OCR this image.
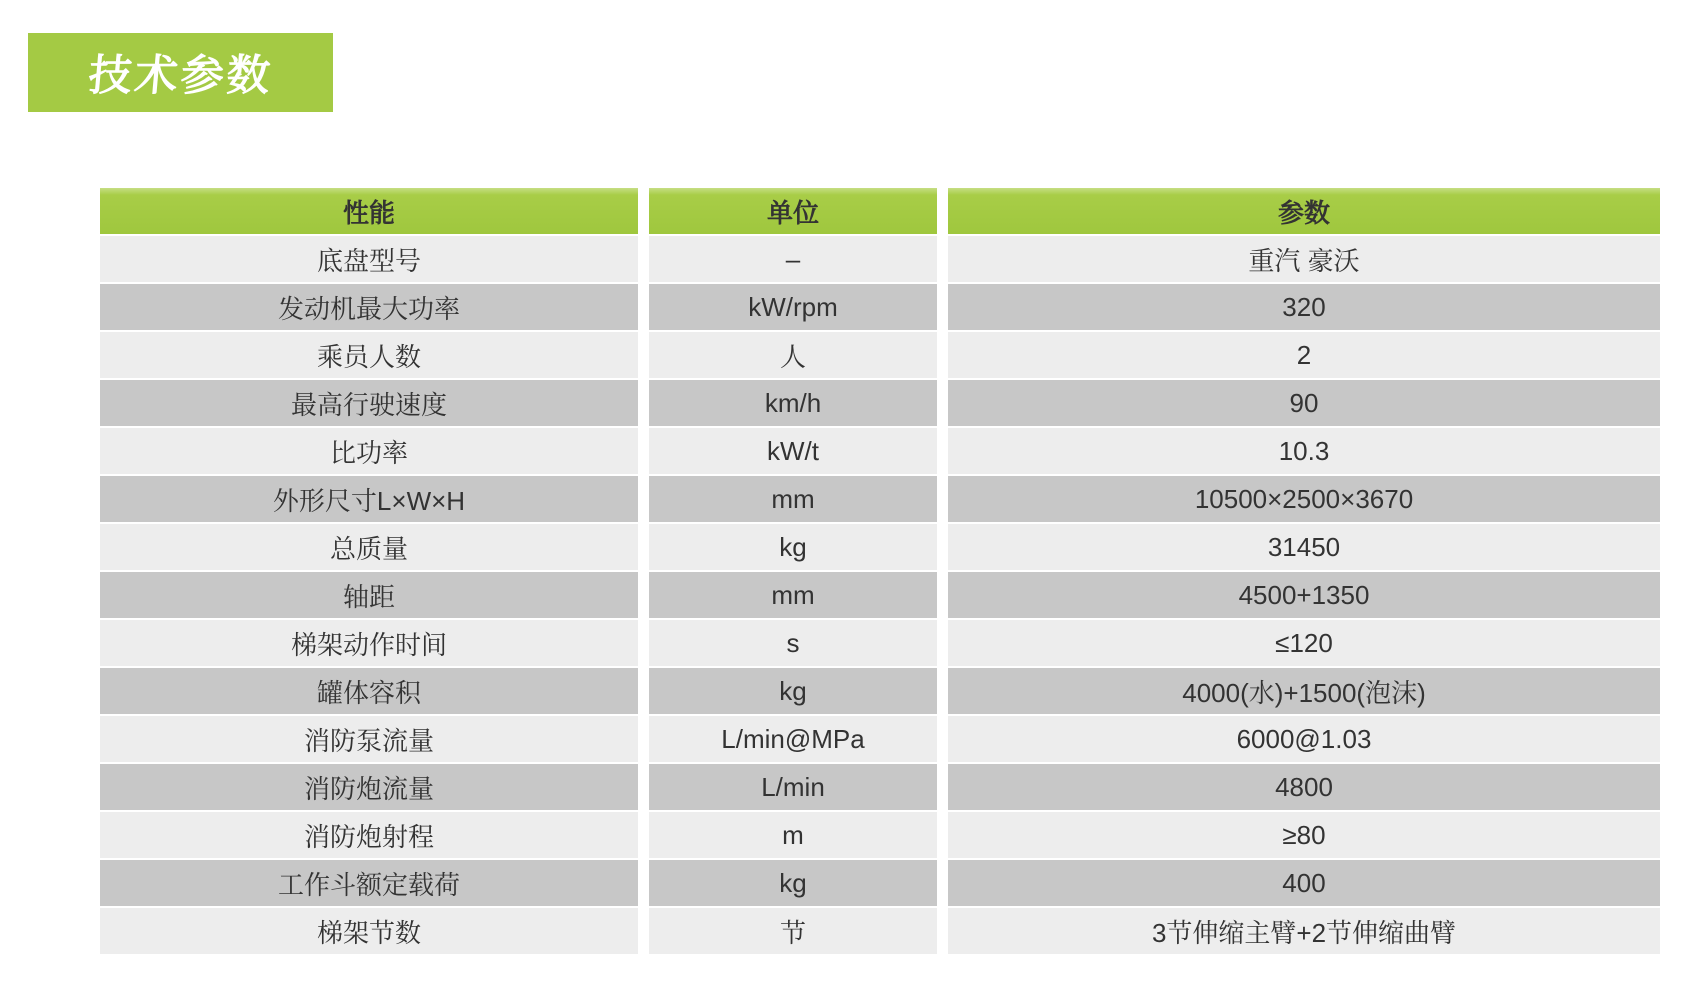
技术参数
性能	单位	参数
底盘型号	–	重汽 豪沃
发动机最大功率	kW/rpm	320
乘员人数	人	2
最高行驶速度	km/h	90
比功率	kW/t	10.3
外形尺寸L×W×H	mm	10500×2500×3670
总质量	kg	31450
轴距	mm	4500+1350
梯架动作时间	s	≤120
罐体容积	kg	4000(水)+1500(泡沫)
消防泵流量	L/min@MPa	6000@1.03
消防炮流量	L/min	4800
消防炮射程	m	≥80
工作斗额定载荷	kg	400
梯架节数	节	3节伸缩主臂+2节伸缩曲臂
